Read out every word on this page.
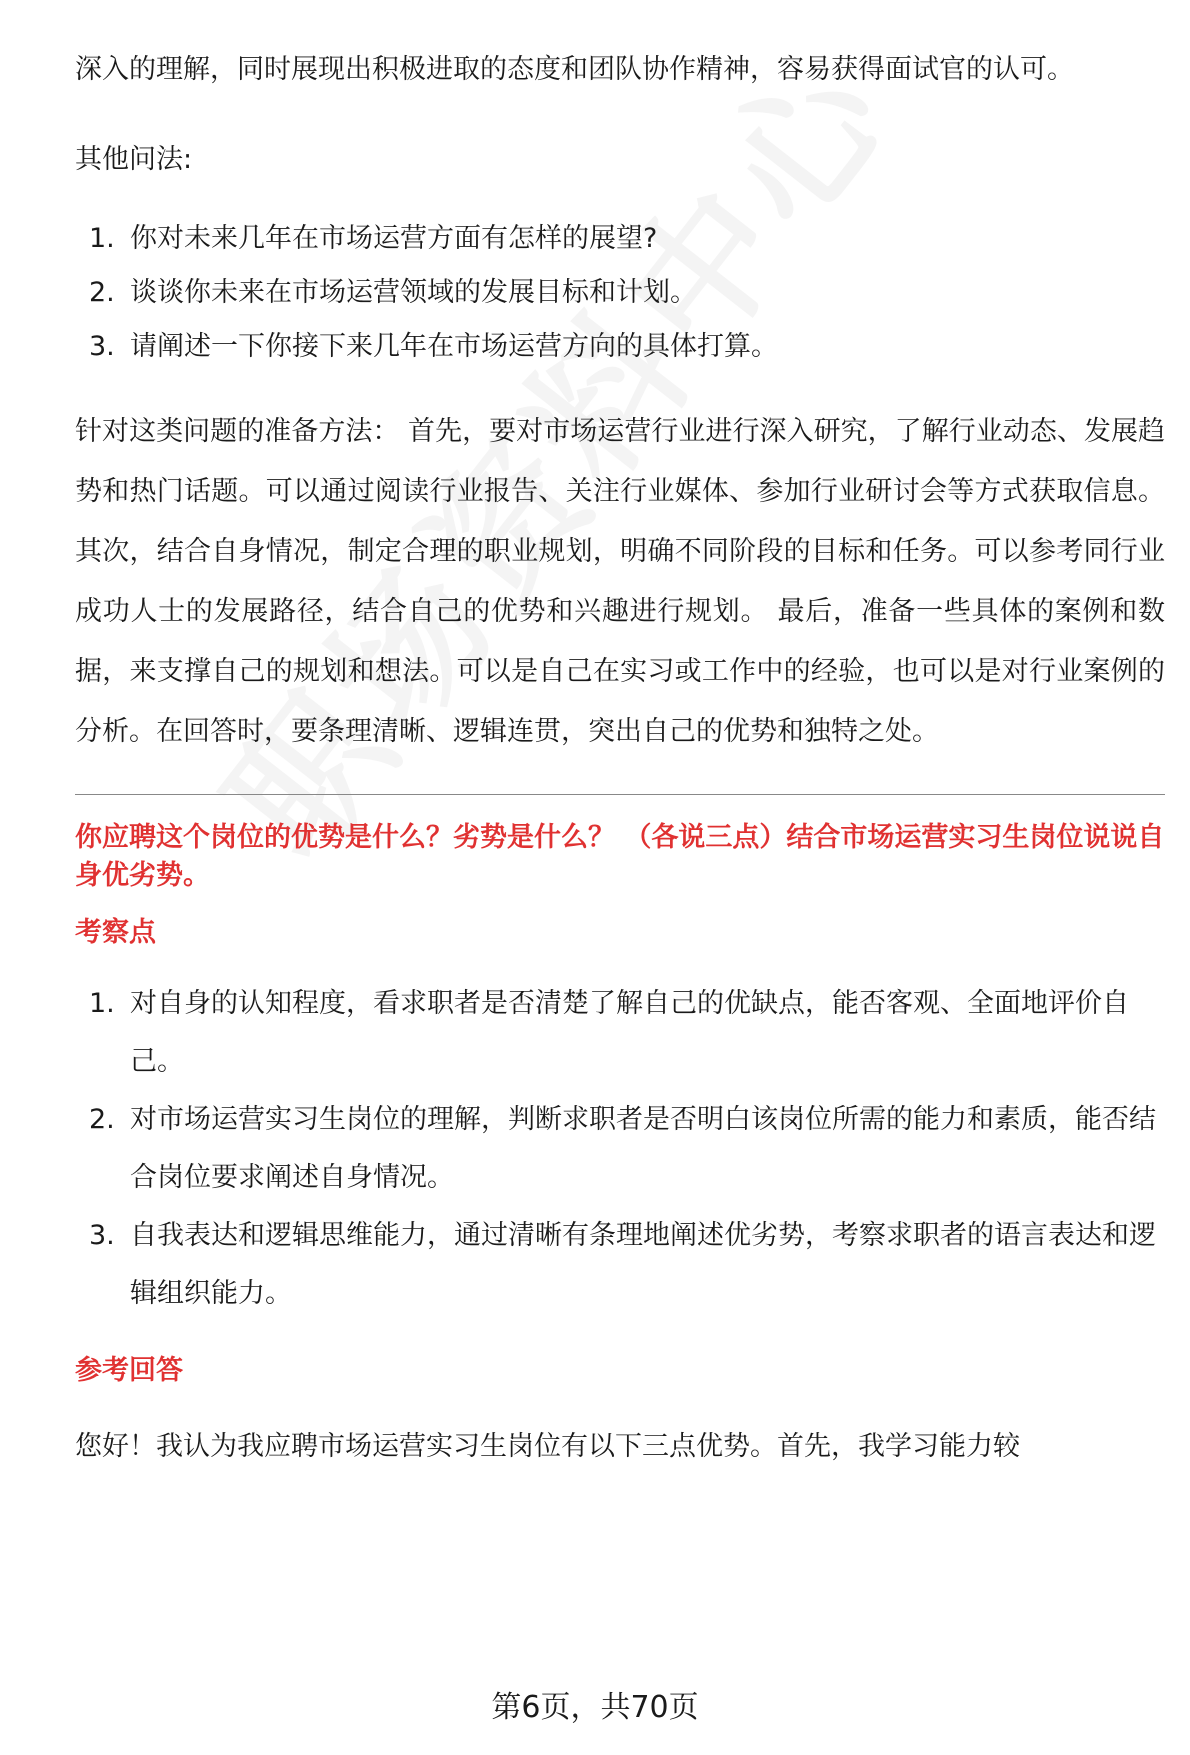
深入的理解，同时展现出积极进取的态度和团队协作精神，容易获得面试官的认可。

其他问法:

1. 你对未来几年在市场运营方面有怎样的展望?
2. 谈谈你未来在市场运营领域的发展目标和计划。
3. 请阐述一下你接下来几年在市场运营方向的具体打算。

针对这类问题的准备方法： 首先，要对市场运营行业进行深入研究，了解行业动态、发展趋势和热门话题。可以通过阅读行业报告、关注行业媒体、参加行业研讨会等方式获取信息。 其次，结合自身情况，制定合理的职业规划，明确不同阶段的目标和任务。可以参考同行业成功人士的发展路径，结合自己的优势和兴趣进行规划。 最后，准备一些具体的案例和数据，来支撑自己的规划和想法。可以是自己在实习或工作中的经验，也可以是对行业案例的分析。在回答时，要条理清晰、逻辑连贯，突出自己的优势和独特之处。

你应聘这个岗位的优势是什么？劣势是什么？ （各说三点）结合市场运营实习生岗位说说自身优劣势。

考察点

1. 对自身的认知程度，看求职者是否清楚了解自己的优缺点，能否客观、全面地评价自己。
2. 对市场运营实习生岗位的理解，判断求职者是否明白该岗位所需的能力和素质，能否结合岗位要求阐述自身情况。
3. 自我表达和逻辑思维能力，通过清晰有条理地阐述优劣势，考察求职者的语言表达和逻辑组织能力。

参考回答

您好！我认为我应聘市场运营实习生岗位有以下三点优势。首先，我学习能力较

第6页，共70页
